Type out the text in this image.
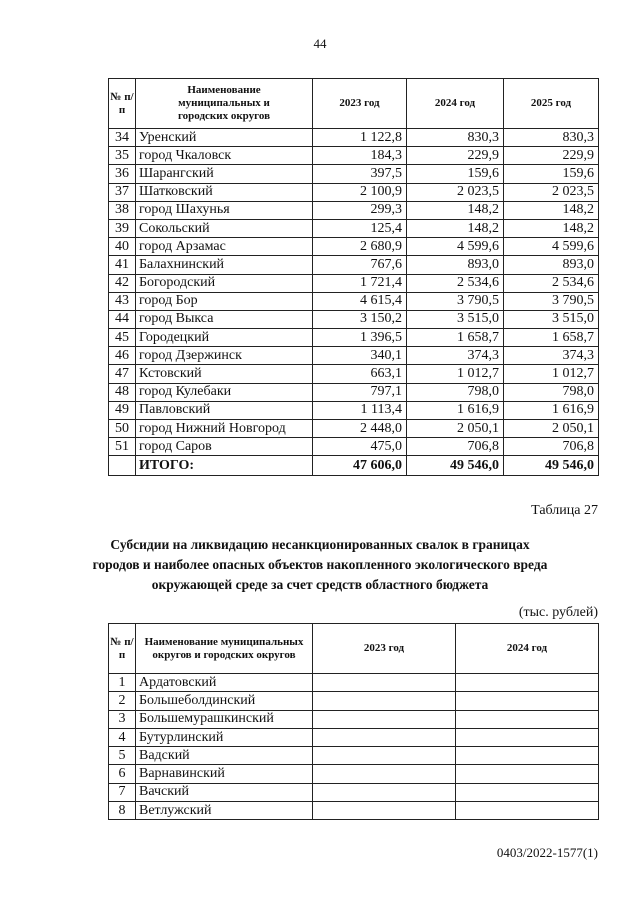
44
№ п/п	Наименование муниципальных и городских округов	2023 год	2024 год	2025 год
34	Уренский	1 122,8	830,3	830,3
35	город Чкаловск	184,3	229,9	229,9
36	Шарангский	397,5	159,6	159,6
37	Шатковский	2 100,9	2 023,5	2 023,5
38	город Шахунья	299,3	148,2	148,2
39	Сокольский	125,4	148,2	148,2
40	город Арзамас	2 680,9	4 599,6	4 599,6
41	Балахнинский	767,6	893,0	893,0
42	Богородский	1 721,4	2 534,6	2 534,6
43	город Бор	4 615,4	3 790,5	3 790,5
44	город Выкса	3 150,2	3 515,0	3 515,0
45	Городецкий	1 396,5	1 658,7	1 658,7
46	город Дзержинск	340,1	374,3	374,3
47	Кстовский	663,1	1 012,7	1 012,7
48	город Кулебаки	797,1	798,0	798,0
49	Павловский	1 113,4	1 616,9	1 616,9
50	город Нижний Новгород	2 448,0	2 050,1	2 050,1
51	город Саров	475,0	706,8	706,8
	ИТОГО:	47 606,0	49 546,0	49 546,0
Таблица 27
Субсидии на ликвидацию несанкционированных свалок в границах городов и наиболее опасных объектов накопленного экологического вреда окружающей среде за счет средств областного бюджета
(тыс. рублей)
№ п/п	Наименование муниципальных округов и городских округов	2023 год	2024 год
1	Ардатовский		
2	Большеболдинский		
3	Большемурашкинский		
4	Бутурлинский		
5	Вадский		
6	Варнавинский		
7	Вачский		
8	Ветлужский		
0403/2022-1577(1)
